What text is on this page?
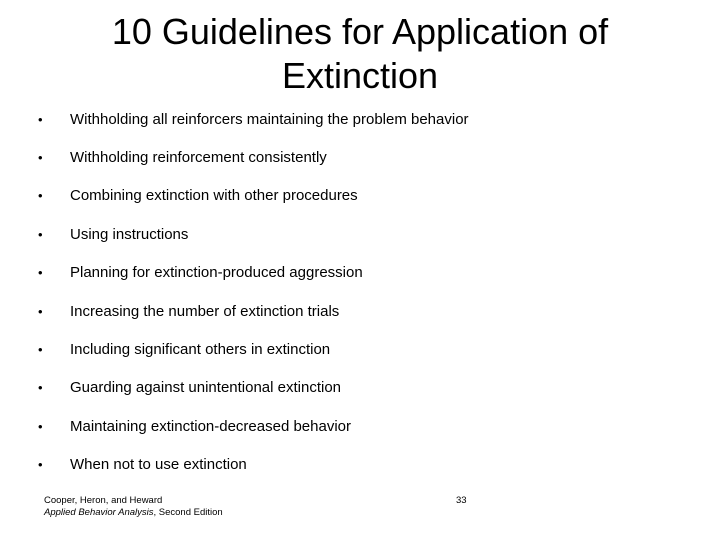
10 Guidelines for Application of Extinction
•	Withholding all reinforcers maintaining the problem behavior
•	Withholding reinforcement consistently
•	Combining extinction with other procedures
•	Using instructions
•	Planning for extinction-produced aggression
•	Increasing the number of extinction trials
•	Including significant others in extinction
•	Guarding against unintentional extinction
•	Maintaining extinction-decreased behavior
•	When not to use extinction
Cooper, Heron, and Heward
Applied Behavior Analysis, Second Edition
33
